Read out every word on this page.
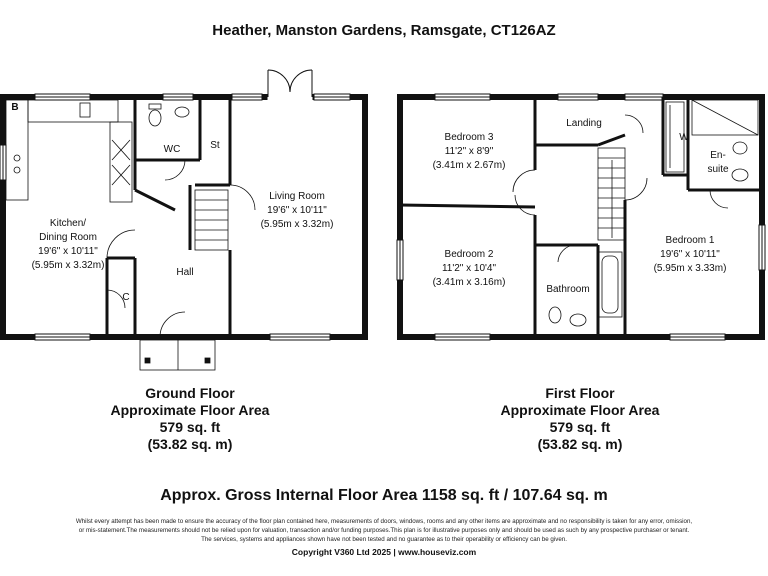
Heather, Manston Gardens, Ramsgate, CT126AZ
B
Kitchen/
Dining Room
19'6" x 10'11"
(5.95m x 3.32m)
WC	St
Living Room
19'6" x 10'11"
(5.95m x 3.32m)
Hall
C
Bedroom 3
11'2" x 8'9"
(3.41m x 2.67m)
Landing
W
En-
suite
Bedroom 2
11'2" x 10'4"
(3.41m x 3.16m)
Bathroom
Bedroom 1
19'6" x 10'11"
(5.95m x 3.33m)
Ground Floor
Approximate Floor Area
579 sq. ft
(53.82 sq. m)
First Floor
Approximate Floor Area
579 sq. ft
(53.82 sq. m)
Approx. Gross Internal Floor Area 1158 sq. ft / 107.64 sq. m
Whilst every attempt has been made to ensure the accuracy of the floor plan contained here, measurements of doors, windows, rooms and any other items are approximate and no responsibility is taken for any error, omission,
or mis-statement.The measurements should not be relied upon for valuation, transaction and/or funding purposes.This plan is for illustrative purposes only and should be used as such by any prospective purchaser or tenant.
The services, systems and appliances shown have not been tested and no guarantee as to their operability or efficiency can be given.
Copyright V360 Ltd 2025 | www.houseviz.com
